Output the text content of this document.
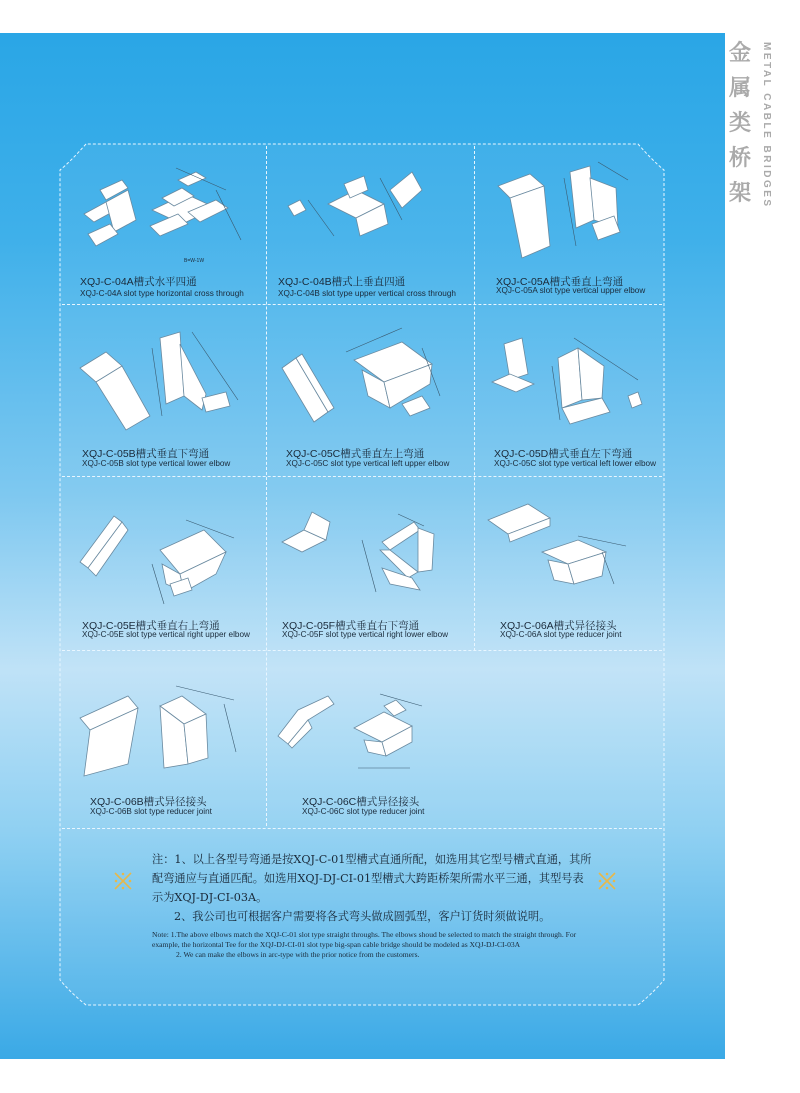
金
属
类
桥
架 METAL CABLE BRIDGES
B=W-1W
XQJ-C-04A槽式水平四通
XQJ-C-04A slot type horizontal cross through
XQJ-C-04B槽式上垂直四通
XQJ-C-04B slot type upper vertical cross through
XQJ-C-05A槽式垂直上弯通
XQJ-C-05A slot type vertical upper elbow
XQJ-C-05B槽式垂直下弯通
XQJ-C-05B slot type vertical lower elbow
XQJ-C-05C槽式垂直左上弯通
XQJ-C-05C slot type vertical left upper elbow
XQJ-C-05D槽式垂直左下弯通
XQJ-C-05C slot type vertical left lower elbow
XQJ-C-05E槽式垂直右上弯通
XQJ-C-05E slot type vertical right upper elbow
XQJ-C-05F槽式垂直右下弯通
XQJ-C-05F slot type vertical right lower elbow
XQJ-C-06A槽式异径接头
XQJ-C-06A slot type reducer joint
XQJ-C-06B槽式异径接头
XQJ-C-06B slot type reducer joint
XQJ-C-06C槽式异径接头
XQJ-C-06C slot type reducer joint
注：1、以上各型号弯通是按XQJ-C-01型槽式直通所配，如选用其它型号槽式直通，其所配弯通应与直通匹配。如选用XQJ-DJ-CⅠ-01型槽式大跨距桥架所需水平三通，其型号表示为XQJ-DJ-CⅠ-03A。
2、我公司也可根据客户需要将各式弯头做成圆弧型，客户订货时须做说明。
Note: 1.The above elbows match the XQJ-C-01 slot type straight throughs. The elbows shoud be selected to match the straight through. For example, the horizontal Tee for the XQJ-DJ-CI-01 slot type big-span cable bridge should be modeled as XQJ-DJ-CI-03A
2. We can make the elbows in arc-type with the prior notice from the customers.
